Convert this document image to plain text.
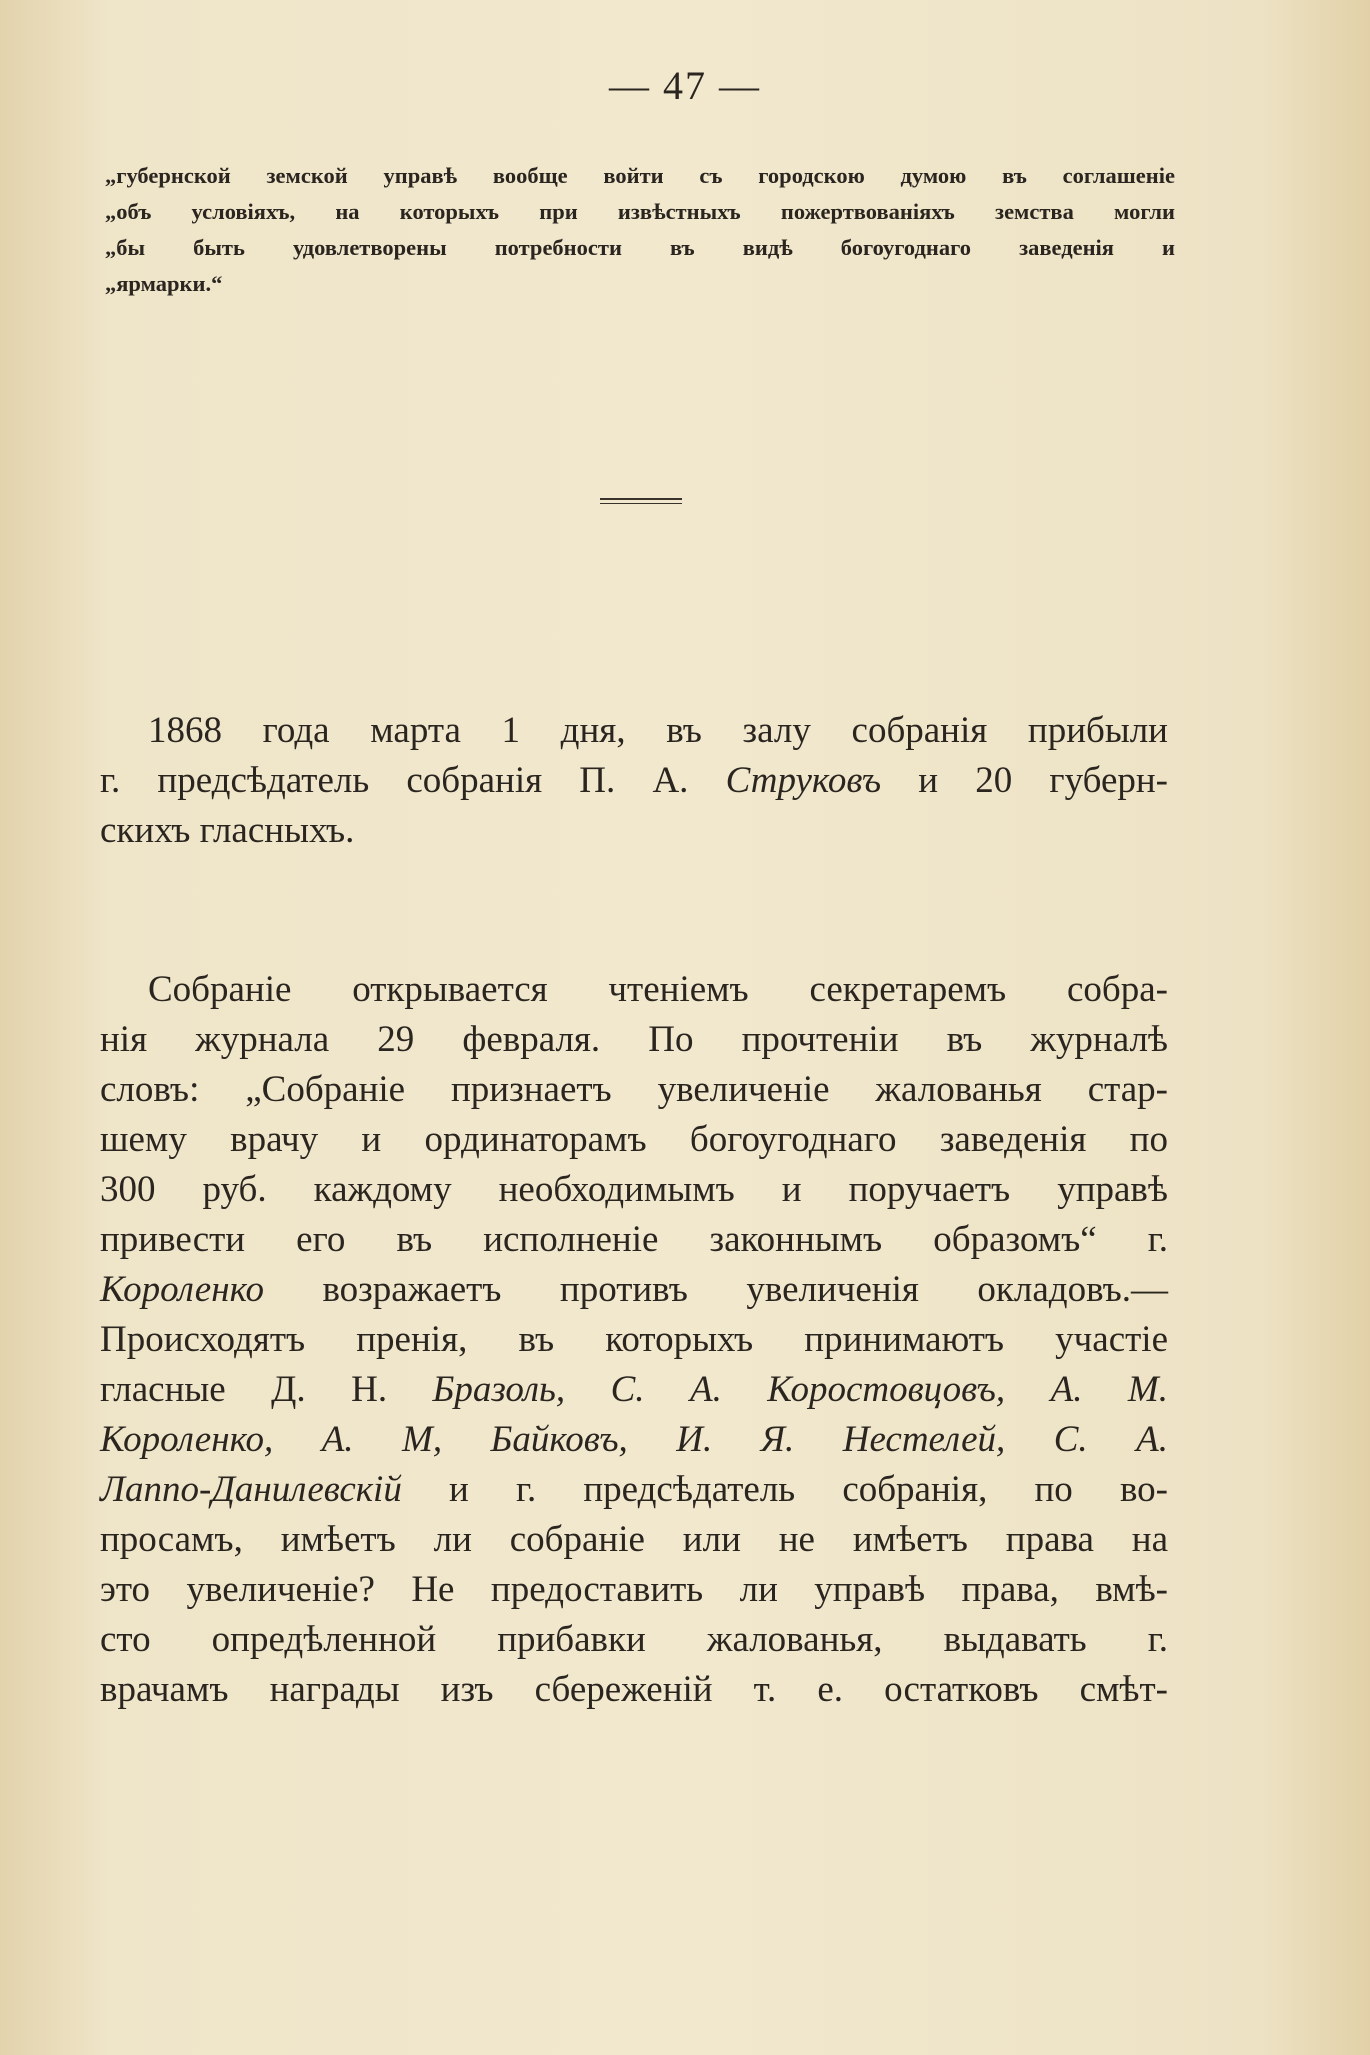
— 47 —
„губернской земской управѣ вообще войти съ городскою думою въ соглашеніе
„объ условіяхъ, на которыхъ при извѣстныхъ пожертвованіяхъ земства могли
„бы быть удовлетворены потребности въ видѣ богоугоднаго заведенія и
„ярмарки.“
1868 года марта 1 дня, въ залу собранія прибыли
г. предсѣдатель собранія П. А. Струковъ и 20 губерн-
скихъ гласныхъ.
Собраніе открывается чтеніемъ секретаремъ собра-
нія журнала 29 февраля. По прочтеніи въ журналѣ
словъ: „Собраніе признаетъ увеличеніе жалованья стар-
шему врачу и ординаторамъ богоугоднаго заведенія по
300 руб. каждому необходимымъ и поручаетъ управѣ
привести его въ исполненіе законнымъ образомъ“ г.
Короленко возражаетъ противъ увеличенія окладовъ.—
Происходятъ пренія, въ которыхъ принимаютъ участіе
гласные Д. Н. Бразоль, С. А. Коростовцовъ, А. М.
Короленко, А. М, Байковъ, И. Я. Нестелей, С. А.
Лаппо-Данилевскій и г. предсѣдатель собранія, по во-
просамъ, имѣетъ ли собраніе или не имѣетъ права на
это увеличеніе? Не предоставить ли управѣ права, вмѣ-
сто опредѣленной прибавки жалованья, выдавать г.
врачамъ награды изъ сбереженій т. е. остатковъ смѣт-
